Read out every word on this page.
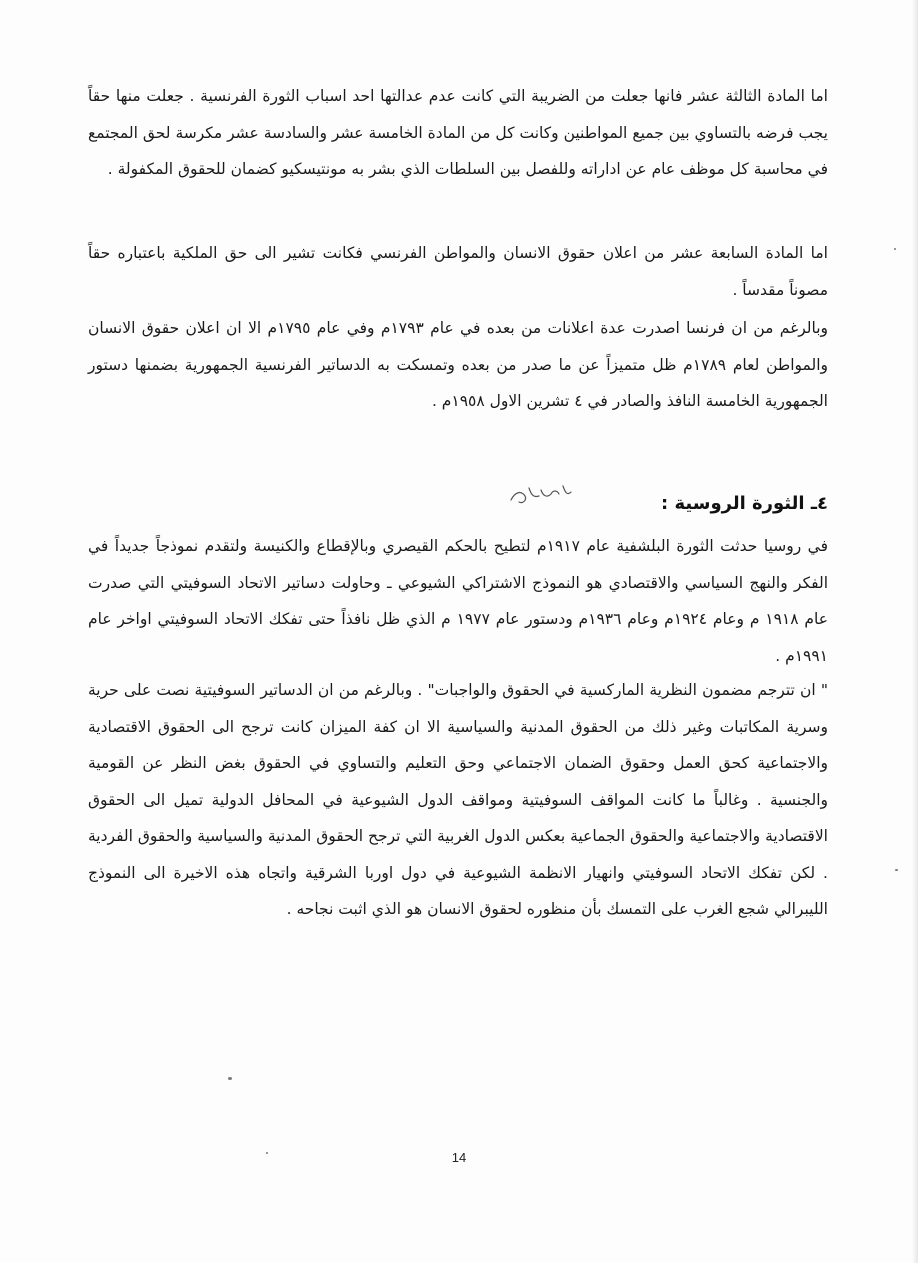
اما المادة الثالثة عشر فانها جعلت من الضريبة التي كانت عدم عدالتها احد اسباب الثورة الفرنسية . جعلت منها حقاً يجب فرضه بالتساوي بين جميع المواطنين وكانت كل من المادة الخامسة عشر والسادسة عشر مكرسة لحق المجتمع في محاسبة كل موظف عام عن اداراته وللفصل بين السلطات الذي بشر به مونتيسكيو كضمان للحقوق المكفولة .

اما المادة السابعة عشر من اعلان حقوق الانسان والمواطن الفرنسي فكانت تشير الى حق الملكية باعتباره حقاً مصوناً مقدساً .

وبالرغم من ان فرنسا اصدرت عدة اعلانات من بعده في عام ١٧٩٣م وفي عام ١٧٩٥م الا ان اعلان حقوق الانسان والمواطن لعام ١٧٨٩م ظل متميزاً عن ما صدر من بعده وتمسكت به الدساتير الفرنسية الجمهورية بضمنها دستور الجمهورية الخامسة النافذ والصادر في ٤ تشرين الاول ١٩٥٨م .

٤ـ الثورة الروسية :

في روسيا حدثت الثورة البلشفية عام ١٩١٧م لتطيح بالحكم القيصري وبالإقطاع والكنيسة ولتقدم نموذجاً جديداً في الفكر والنهج السياسي والاقتصادي هو النموذج الاشتراكي الشيوعي ـ وحاولت دساتير الاتحاد السوفيتي التي صدرت عام ١٩١٨ م وعام ١٩٢٤م وعام ١٩٣٦م ودستور عام ١٩٧٧ م الذي ظل نافذاً حتى تفكك الاتحاد السوفيتي اواخر عام ١٩٩١م .

" ان تترجم مضمون النظرية الماركسية في الحقوق والواجبات" . وبالرغم من ان الدساتير السوفيتية نصت على حرية وسرية المكاتبات وغير ذلك من الحقوق المدنية والسياسية الا ان كفة الميزان كانت ترجح الى الحقوق الاقتصادية والاجتماعية كحق العمل وحقوق الضمان الاجتماعي وحق التعليم والتساوي في الحقوق بغض النظر عن القومية والجنسية . وغالباً ما كانت المواقف السوفيتية ومواقف الدول الشيوعية في المحافل الدولية تميل الى الحقوق الاقتصادية والاجتماعية والحقوق الجماعية بعكس الدول الغربية التي ترجح الحقوق المدنية والسياسية والحقوق الفردية . لكن تفكك الاتحاد السوفيتي وانهيار الانظمة الشيوعية في دول اوربا الشرقية واتجاه هذه الاخيرة الى النموذج الليبرالي شجع الغرب على التمسك بأن منظوره لحقوق الانسان هو الذي اثبت نجاحه .

14
